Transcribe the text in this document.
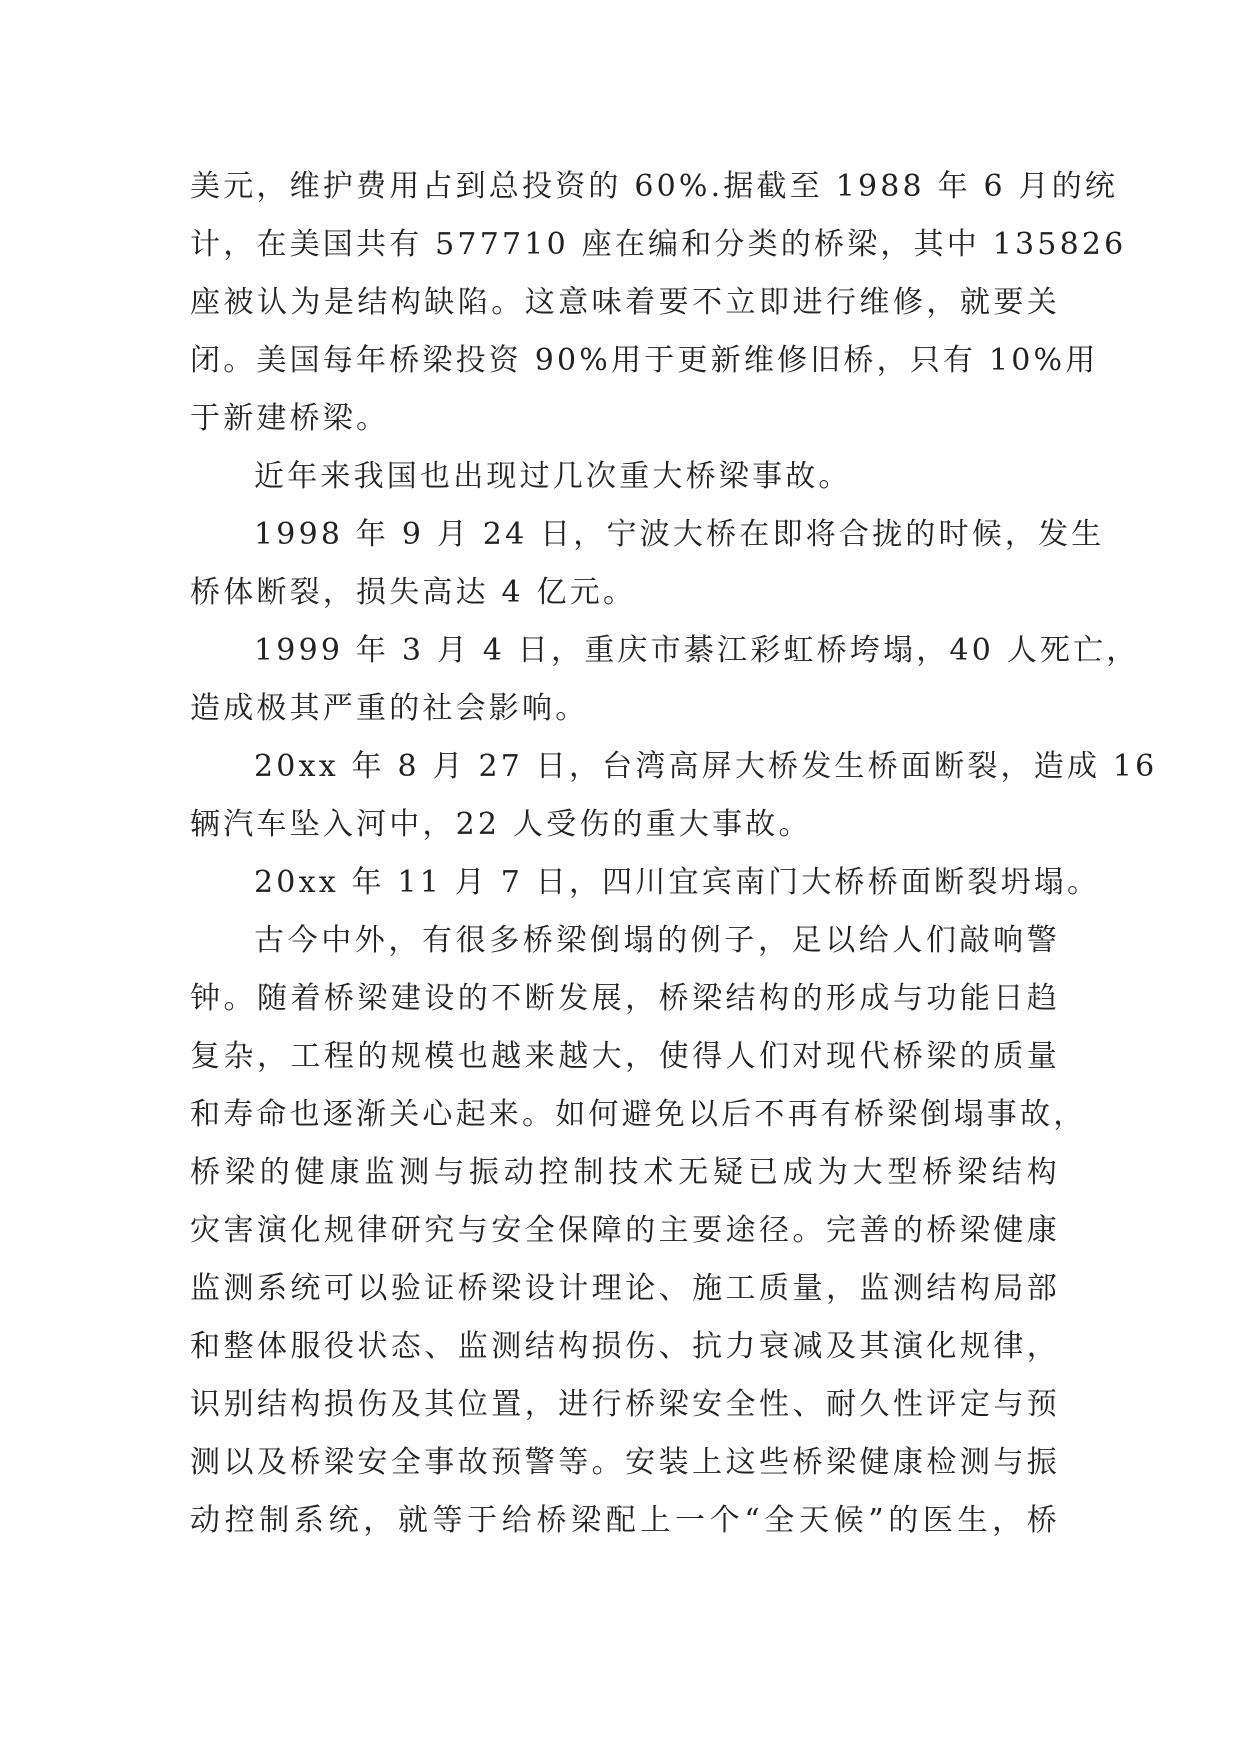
美元，维护费用占到总投资的 60%.据截至 1988 年 6 月的统
计，在美国共有 577710 座在编和分类的桥梁，其中 135826
座被认为是结构缺陷。这意味着要不立即进行维修，就要关
闭。美国每年桥梁投资 90%用于更新维修旧桥，只有 10%用
于新建桥梁。
近年来我国也出现过几次重大桥梁事故。
1998 年 9 月 24 日，宁波大桥在即将合拢的时候，发生
桥体断裂，损失高达 4 亿元。
1999 年 3 月 4 日，重庆市綦江彩虹桥垮塌，40 人死亡，
造成极其严重的社会影响。
20xx 年 8 月 27 日，台湾高屏大桥发生桥面断裂，造成 16
辆汽车坠入河中，22 人受伤的重大事故。
20xx 年 11 月 7 日，四川宜宾南门大桥桥面断裂坍塌。
古今中外，有很多桥梁倒塌的例子，足以给人们敲响警
钟。随着桥梁建设的不断发展，桥梁结构的形成与功能日趋
复杂，工程的规模也越来越大，使得人们对现代桥梁的质量
和寿命也逐渐关心起来。如何避免以后不再有桥梁倒塌事故，
桥梁的健康监测与振动控制技术无疑已成为大型桥梁结构
灾害演化规律研究与安全保障的主要途径。完善的桥梁健康
监测系统可以验证桥梁设计理论、施工质量，监测结构局部
和整体服役状态、监测结构损伤、抗力衰减及其演化规律，
识别结构损伤及其位置，进行桥梁安全性、耐久性评定与预
测以及桥梁安全事故预警等。安装上这些桥梁健康检测与振
动控制系统，就等于给桥梁配上一个“全天候”的医生，桥
